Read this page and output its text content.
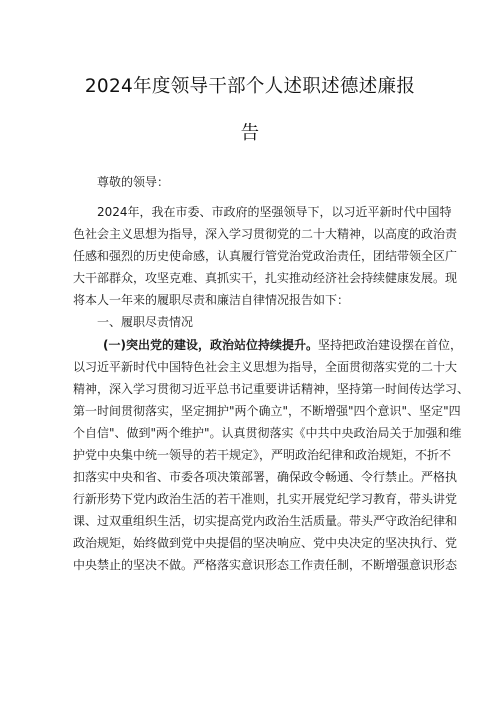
2024年度领导干部个人述职述德述廉报
告
尊敬的领导：
2024年，我在市委、市政府的坚强领导下，以习近平新时代中国特
色社会主义思想为指导，深入学习贯彻党的二十大精神，以高度的政治责
任感和强烈的历史使命感，认真履行管党治党政治责任，团结带领全区广
大干部群众，攻坚克难、真抓实干，扎实推动经济社会持续健康发展。现
将本人一年来的履职尽责和廉洁自律情况报告如下：
一、履职尽责情况
(一)突出党的建设，政治站位持续提升。坚持把政治建设摆在首位，
以习近平新时代中国特色社会主义思想为指导，全面贯彻落实党的二十大
精神，深入学习贯彻习近平总书记重要讲话精神，坚持第一时间传达学习、
第一时间贯彻落实，坚定拥护"两个确立"，不断增强"四个意识"、坚定"四
个自信"、做到"两个维护"。认真贯彻落实《中共中央政治局关于加强和维
护党中央集中统一领导的若干规定》，严明政治纪律和政治规矩，不折不
扣落实中央和省、市委各项决策部署，确保政令畅通、令行禁止。严格执
行新形势下党内政治生活的若干准则，扎实开展党纪学习教育，带头讲党
课、过双重组织生活，切实提高党内政治生活质量。带头严守政治纪律和
政治规矩，始终做到党中央提倡的坚决响应、党中央决定的坚决执行、党
中央禁止的坚决不做。严格落实意识形态工作责任制，不断增强意识形态
